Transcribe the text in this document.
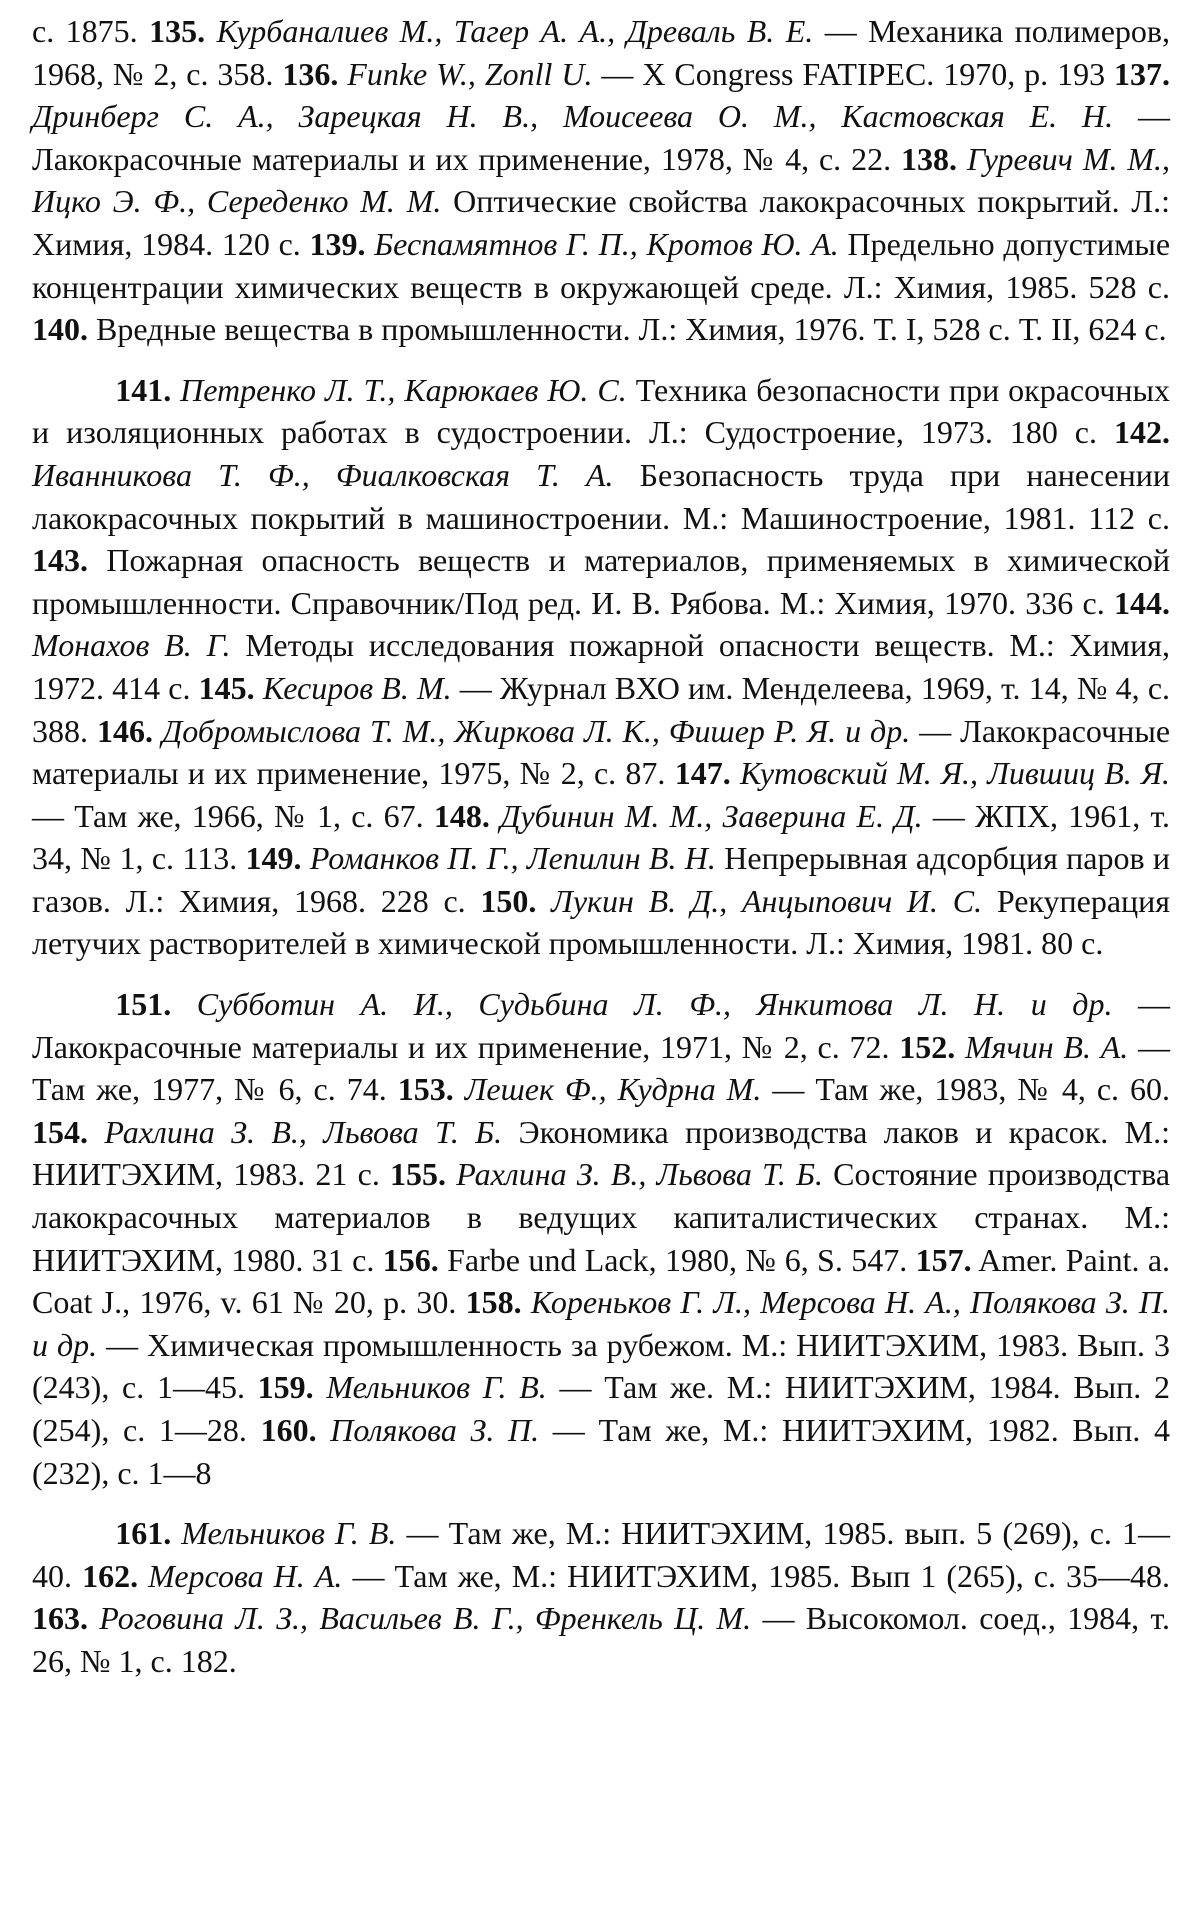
с. 1875. 135. Курбаналиев М., Тагер А. А., Древаль В. Е. — Механика полимеров, 1968, № 2, с. 358. 136. Funke W., Zonll U. — X Congress FATIPEC. 1970, p. 193 137. Дринберг С. А., Зарецкая Н. В., Моисеева О. М., Кастовская Е. Н. — Лакокрасочные материалы и их применение, 1978, № 4, с. 22. 138. Гуревич М. М., Ицко Э. Ф., Середенко М. М. Оптические свойства лакокрасочных покрытий. Л.: Химия, 1984. 120 с. 139. Беспамятнов Г. П., Кротов Ю. А. Предельно допустимые концентрации химических веществ в окружающей среде. Л.: Химия, 1985. 528 с. 140. Вредные вещества в промышленности. Л.: Химия, 1976. Т. I, 528 с. Т. II, 624 с.

141. Петренко Л. Т., Карюкаев Ю. С. Техника безопасности при окрасочных и изоляционных работах в судостроении. Л.: Судостроение, 1973. 180 с. 142. Иванникова Т. Ф., Фиалковская Т. А. Безопасность труда при нанесении лакокрасочных покрытий в машиностроении. М.: Машиностроение, 1981. 112 с. 143. Пожарная опасность веществ и материалов, применяемых в химической промышленности. Справочник/Под ред. И. В. Рябова. М.: Химия, 1970. 336 с. 144. Монахов В. Г. Методы исследования пожарной опасности веществ. М.: Химия, 1972. 414 с. 145. Кесиров В. М. — Журнал ВХО им. Менделеева, 1969, т. 14, № 4, с. 388. 146. Добромыслова Т. М., Жиркова Л. К., Фишер Р. Я. и др. — Лакокрасочные материалы и их применение, 1975, № 2, с. 87. 147. Кутовский М. Я., Лившиц В. Я. — Там же, 1966, № 1, с. 67. 148. Дубинин М. М., Заверина Е. Д. — ЖПХ, 1961, т. 34, № 1, с. 113. 149. Романков П. Г., Лепилин В. Н. Непрерывная адсорбция паров и газов. Л.: Химия, 1968. 228 с. 150. Лукин В. Д., Анцыпович И. С. Рекуперация летучих растворителей в химической промышленности. Л.: Химия, 1981. 80 с.

151. Субботин А. И., Судьбина Л. Ф., Янкитова Л. Н. и др. — Лакокрасочные материалы и их применение, 1971, № 2, с. 72. 152. Мячин В. А. — Там же, 1977, № 6, с. 74. 153. Лешек Ф., Кудрна М. — Там же, 1983, № 4, с. 60. 154. Рахлина З. В., Львова Т. Б. Экономика производства лаков и красок. М.: НИИТЭХИМ, 1983. 21 с. 155. Рахлина З. В., Львова Т. Б. Состояние производства лакокрасочных материалов в ведущих капиталистических странах. М.: НИИТЭХИМ, 1980. 31 с. 156. Farbe und Lack, 1980, № 6, S. 547. 157. Amer. Paint. a. Coat J., 1976, v. 61 № 20, p. 30. 158. Кореньков Г. Л., Мерсова Н. А., Полякова З. П. и др. — Химическая промышленность за рубежом. М.: НИИТЭХИМ, 1983. Вып. 3 (243), с. 1—45. 159. Мельников Г. В. — Там же. М.: НИИТЭХИМ, 1984. Вып. 2 (254), с. 1—28. 160. Полякова З. П. — Там же, М.: НИИТЭХИМ, 1982. Вып. 4 (232), с. 1—8

161. Мельников Г. В. — Там же, М.: НИИТЭХИМ, 1985. вып. 5 (269), с. 1—40. 162. Мерсова Н. А. — Там же, М.: НИИТЭХИМ, 1985. Вып 1 (265), с. 35—48. 163. Роговина Л. З., Васильев В. Г., Френкель Ц. М. — Высокомол. соед., 1984, т. 26, № 1, с. 182.
